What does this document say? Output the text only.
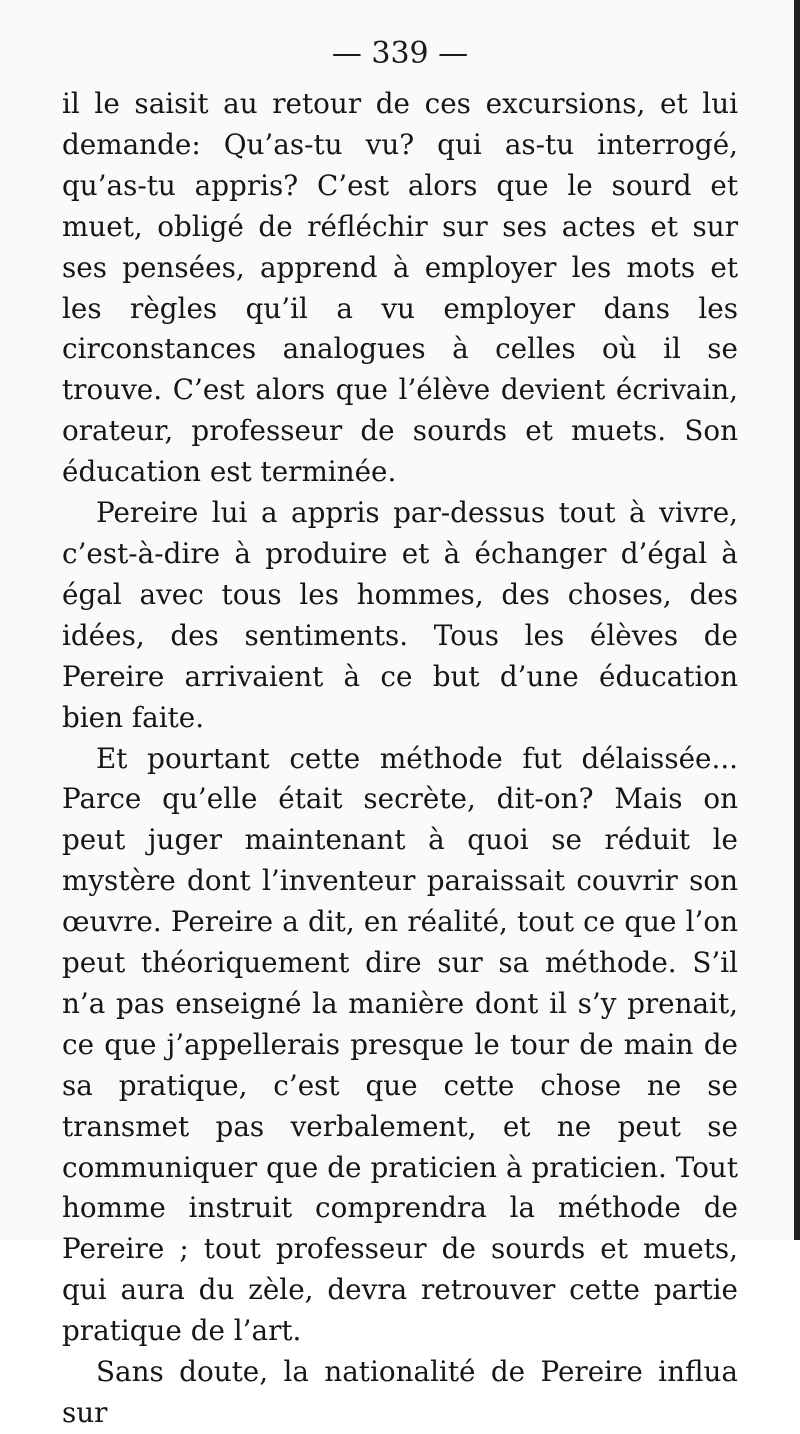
— 339 —

il le saisit au retour de ces excursions, et lui demande: Qu’as-tu vu? qui as-tu interrogé, qu’as-tu appris? C’est alors que le sourd et muet, obligé de réfléchir sur ses actes et sur ses pensées, apprend à employer les mots et les règles qu’il a vu employer dans les circonstances analogues à celles où il se trouve. C’est alors que l’élève devient écrivain, orateur, professeur de sourds et muets. Son éducation est terminée.

Pereire lui a appris par-dessus tout à vivre, c’est-à-dire à produire et à échanger d’égal à égal avec tous les hommes, des choses, des idées, des sentiments. Tous les élèves de Pereire arrivaient à ce but d’une éducation bien faite.

Et pourtant cette méthode fut délaissée... Parce qu’elle était secrète, dit-on? Mais on peut juger maintenant à quoi se réduit le mystère dont l’inventeur paraissait couvrir son œuvre. Pereire a dit, en réalité, tout ce que l’on peut théoriquement dire sur sa méthode. S’il n’a pas enseigné la manière dont il s’y prenait, ce que j’appellerais presque le tour de main de sa pratique, c’est que cette chose ne se transmet pas verbalement, et ne peut se communiquer que de praticien à praticien. Tout homme instruit comprendra la méthode de Pereire ; tout professeur de sourds et muets, qui aura du zèle, devra retrouver cette partie pratique de l’art.

Sans doute, la nationalité de Pereire influa sur
